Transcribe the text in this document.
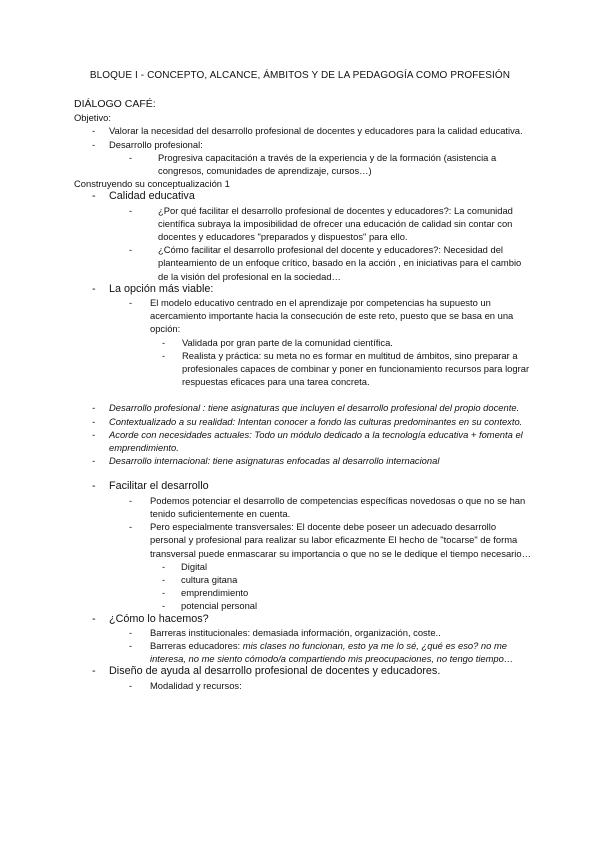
BLOQUE I - CONCEPTO, ALCANCE, ÁMBITOS Y DE LA PEDAGOGÍA COMO PROFESIÓN

DIÁLOGO CAFÉ:

Objetivo:

- Valorar la necesidad del desarrollo profesional de docentes y educadores para la calidad educativa.
- Desarrollo profesional:
- Progresiva capacitación a través de la experiencia y de la formación (asistencia a congresos, comunidades de aprendizaje, cursos…)

Construyendo su conceptualización 1

- Calidad educativa
- ¿Por qué facilitar el desarrollo profesional de docentes y educadores?: La comunidad científica subraya la imposibilidad de ofrecer una educación de calidad sin contar con docentes y educadores "preparados y dispuestos" para ello.
- ¿Cómo facilitar el desarrollo profesional del docente y educadores?: Necesidad del planteamiento de un enfoque crítico, basado en la acción , en iniciativas para el cambio de la visión del profesional en la sociedad…
- La opción más viable:
- El modelo educativo centrado en el aprendizaje por competencias ha supuesto un acercamiento importante hacia la consecución de este reto, puesto que se basa en una opción:
- Validada por gran parte de la comunidad científica.
- Realista y práctica: su meta no es formar en multitud de ámbitos, sino preparar a profesionales capaces de combinar y poner en funcionamiento recursos para lograr respuestas eficaces para una tarea concreta.
- Desarrollo profesional : tiene asignaturas que incluyen el desarrollo profesional del propio docente.
- Contextualizado a su realidad: Intentan conocer a fondo las culturas predominantes en su contexto.
- Acorde con necesidades actuales: Todo un módulo dedicado a la tecnología educativa + fomenta el emprendimiento.
- Desarrollo internacional: tiene asignaturas enfocadas al desarrollo internacional
- Facilitar el desarrollo
- Podemos potenciar el desarrollo de competencias específicas novedosas o que no se han tenido suficientemente en cuenta.
- Pero especialmente transversales: El docente debe poseer un adecuado desarrollo personal y profesional para realizar su labor eficazmente El hecho de "tocarse" de forma transversal puede enmascarar su importancia o que no se le dedique el tiempo necesario…
- Digital
- cultura gitana
- emprendimiento
- potencial personal
- ¿Cómo lo hacemos?
- Barreras institucionales: demasiada información, organización, coste..
- Barreras educadores: mis clases no funcionan, esto ya me lo sé, ¿qué es eso? no me interesa, no me siento cómodo/a compartiendo mis preocupaciones, no tengo tiempo…
- Diseño de ayuda al desarrollo profesional de docentes y educadores.
- Modalidad y recursos:
